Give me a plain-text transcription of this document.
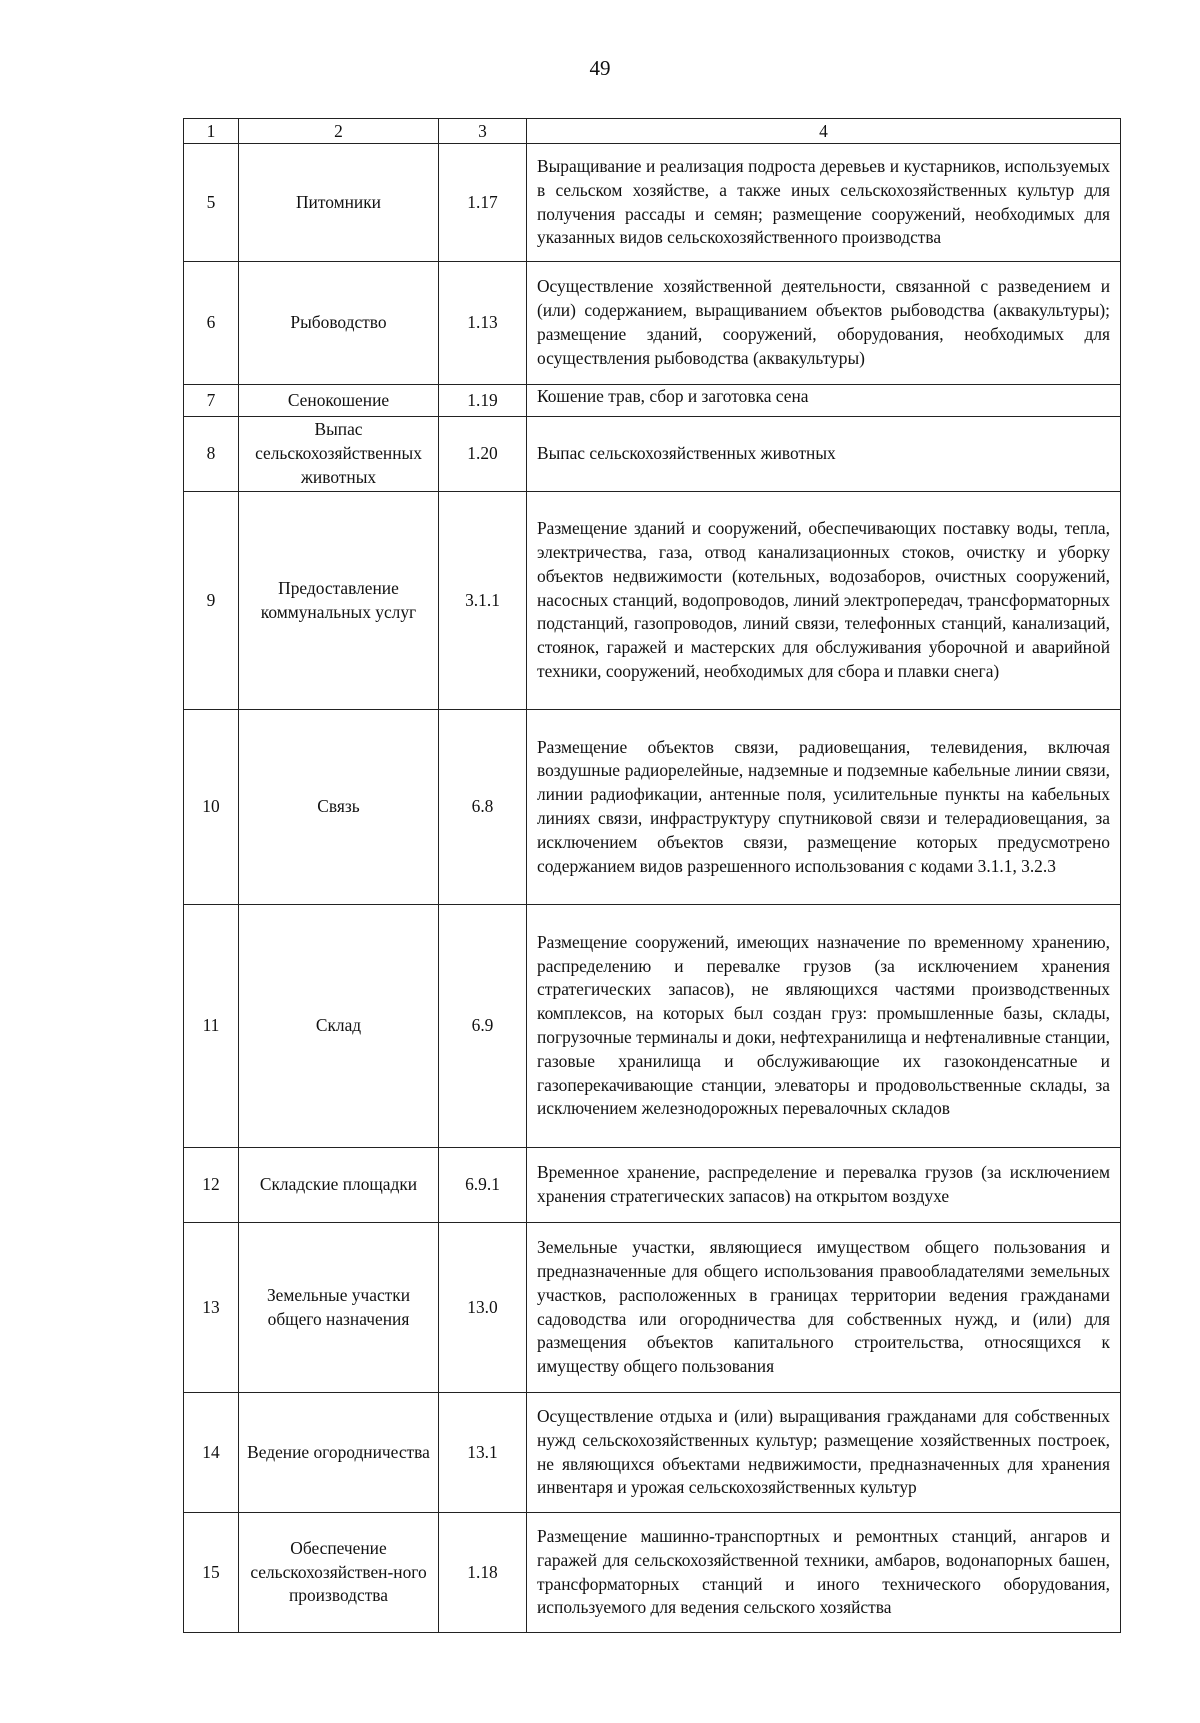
49
1	2	3	4
5	Питомники	1.17	Выращивание и реализация подроста деревьев и кустарников, используемых в сельском хозяйстве, а также иных сельскохозяйственных культур для получения рассады и семян; размещение сооружений, необходимых для указанных видов сельскохозяйственного производства
6	Рыбоводство	1.13	Осуществление хозяйственной деятельности, связанной с разведением и (или) содержанием, выращиванием объектов рыбоводства (аквакультуры); размещение зданий, сооружений, оборудования, необходимых для осуществления рыбоводства (аквакультуры)
7	Сенокошение	1.19	Кошение трав, сбор и заготовка сена
8	Выпас сельскохозяйственных животных	1.20	Выпас сельскохозяйственных животных
9	Предоставление коммунальных услуг	3.1.1	Размещение зданий и сооружений, обеспечивающих поставку воды, тепла, электричества, газа, отвод канализационных стоков, очистку и уборку объектов недвижимости (котельных, водозаборов, очистных сооружений, насосных станций, водопроводов, линий электропередач, трансформаторных подстанций, газопроводов, линий связи, телефонных станций, канализаций, стоянок, гаражей и мастерских для обслуживания уборочной и аварийной техники, сооружений, необходимых для сбора и плавки снега)
10	Связь	6.8	Размещение объектов связи, радиовещания, телевидения, включая воздушные радиорелейные, надземные и подземные кабельные линии связи, линии радиофикации, антенные поля, усилительные пункты на кабельных линиях связи, инфраструктуру спутниковой связи и телерадиовещания, за исключением объектов связи, размещение которых предусмотрено содержанием видов разрешенного использования с кодами 3.1.1, 3.2.3
11	Склад	6.9	Размещение сооружений, имеющих назначение по временному хранению, распределению и перевалке грузов (за исключением хранения стратегических запасов), не являющихся частями производственных комплексов, на которых был создан груз: промышленные базы, склады, погрузочные терминалы и доки, нефтехранилища и нефтеналивные станции, газовые хранилища и обслуживающие их газоконденсатные и газоперекачивающие станции, элеваторы и продовольственные склады, за исключением железнодорожных перевалочных складов
12	Складские площадки	6.9.1	Временное хранение, распределение и перевалка грузов (за исключением хранения стратегических запасов) на открытом воздухе
13	Земельные участки общего назначения	13.0	Земельные участки, являющиеся имуществом общего пользования и предназначенные для общего использования правообладателями земельных участков, расположенных в границах территории ведения гражданами садоводства или огородничества для собственных нужд, и (или) для размещения объектов капитального строительства, относящихся к имуществу общего пользования
14	Ведение огородничества	13.1	Осуществление отдыха и (или) выращивания гражданами для собственных нужд сельскохозяйственных культур; размещение хозяйственных построек, не являющихся объектами недвижимости, предназначенных для хранения инвентаря и урожая сельскохозяйственных культур
15	Обеспечение сельскохозяйствен-ного производства	1.18	Размещение машинно-транспортных и ремонтных станций, ангаров и гаражей для сельскохозяйственной техники, амбаров, водонапорных башен, трансформаторных станций и иного технического оборудования, используемого для ведения сельского хозяйства
